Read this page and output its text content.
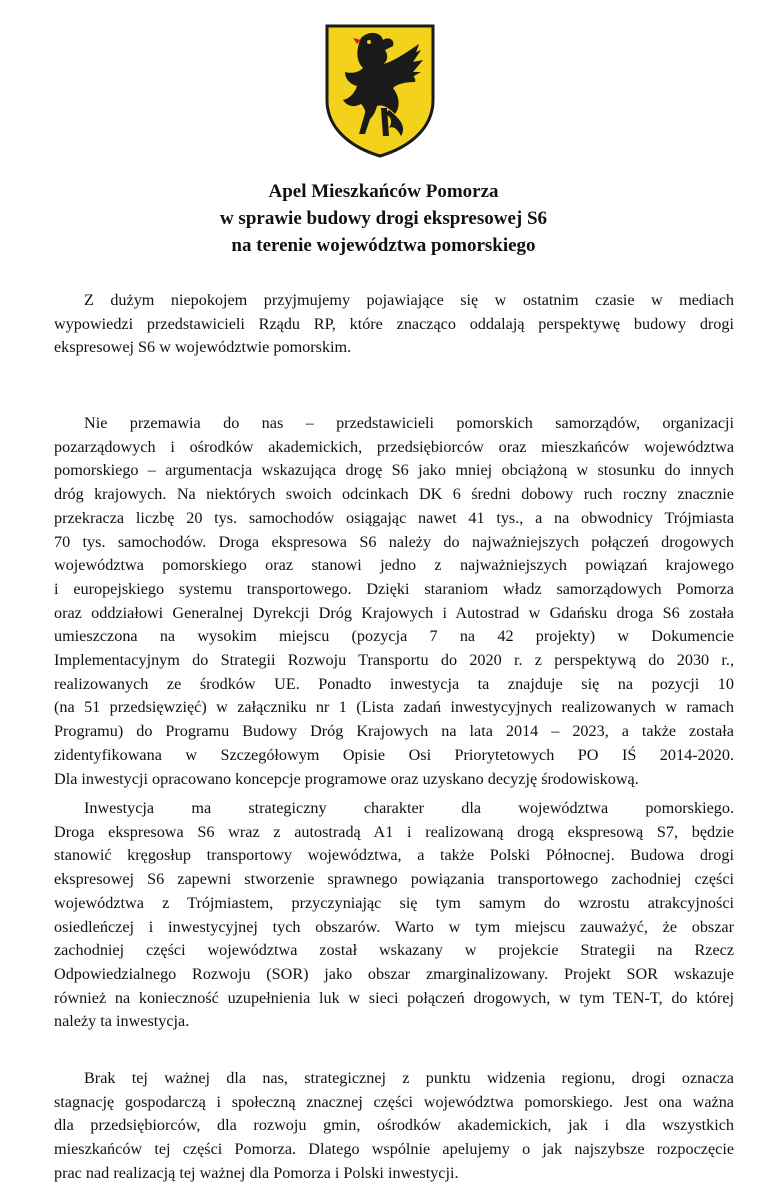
Apel Mieszkańców Pomorza
w sprawie budowy drogi ekspresowej S6
na terenie województwa pomorskiego
Z dużym niepokojem przyjmujemy pojawiające się w ostatnim czasie w mediach
wypowiedzi przedstawicieli Rządu RP, które znacząco oddalają perspektywę budowy drogi
ekspresowej S6 w województwie pomorskim.
Nie przemawia do nas – przedstawicieli pomorskich samorządów, organizacji
pozarządowych i ośrodków akademickich, przedsiębiorców oraz mieszkańców województwa
pomorskiego – argumentacja wskazująca drogę S6 jako mniej obciążoną w stosunku do innych
dróg krajowych. Na niektórych swoich odcinkach DK 6 średni dobowy ruch roczny znacznie
przekracza liczbę 20 tys. samochodów osiągając nawet 41 tys., a na obwodnicy Trójmiasta
70 tys. samochodów. Droga ekspresowa S6 należy do najważniejszych połączeń drogowych
województwa pomorskiego oraz stanowi jedno z najważniejszych powiązań krajowego
i europejskiego systemu transportowego. Dzięki staraniom władz samorządowych Pomorza
oraz oddziałowi Generalnej Dyrekcji Dróg Krajowych i Autostrad w Gdańsku droga S6 została
umieszczona na wysokim miejscu (pozycja 7 na 42 projekty) w Dokumencie
Implementacyjnym do Strategii Rozwoju Transportu do 2020 r. z perspektywą do 2030 r.,
realizowanych ze środków UE. Ponadto inwestycja ta znajduje się na pozycji 10
(na 51 przedsięwzięć) w załączniku nr 1 (Lista zadań inwestycyjnych realizowanych w ramach
Programu) do Programu Budowy Dróg Krajowych na lata 2014 – 2023, a także została
zidentyfikowana w Szczegółowym Opisie Osi Priorytetowych PO IŚ 2014-2020.
Dla inwestycji opracowano koncepcje programowe oraz uzyskano decyzję środowiskową.
Inwestycja ma strategiczny charakter dla województwa pomorskiego.
Droga ekspresowa S6 wraz z autostradą A1 i realizowaną drogą ekspresową S7, będzie
stanowić kręgosłup transportowy województwa, a także Polski Północnej. Budowa drogi
ekspresowej S6 zapewni stworzenie sprawnego powiązania transportowego zachodniej części
województwa z Trójmiastem, przyczyniając się tym samym do wzrostu atrakcyjności
osiedleńczej i inwestycyjnej tych obszarów. Warto w tym miejscu zauważyć, że obszar
zachodniej części województwa został wskazany w projekcie Strategii na Rzecz
Odpowiedzialnego Rozwoju (SOR) jako obszar zmarginalizowany. Projekt SOR wskazuje
również na konieczność uzupełnienia luk w sieci połączeń drogowych, w tym TEN-T, do której
należy ta inwestycja.
Brak tej ważnej dla nas, strategicznej z punktu widzenia regionu, drogi oznacza
stagnację gospodarczą i społeczną znacznej części województwa pomorskiego. Jest ona ważna
dla przedsiębiorców, dla rozwoju gmin, ośrodków akademickich, jak i dla wszystkich
mieszkańców tej części Pomorza. Dlatego wspólnie apelujemy o jak najszybsze rozpoczęcie
prac nad realizacją tej ważnej dla Pomorza i Polski inwestycji.
